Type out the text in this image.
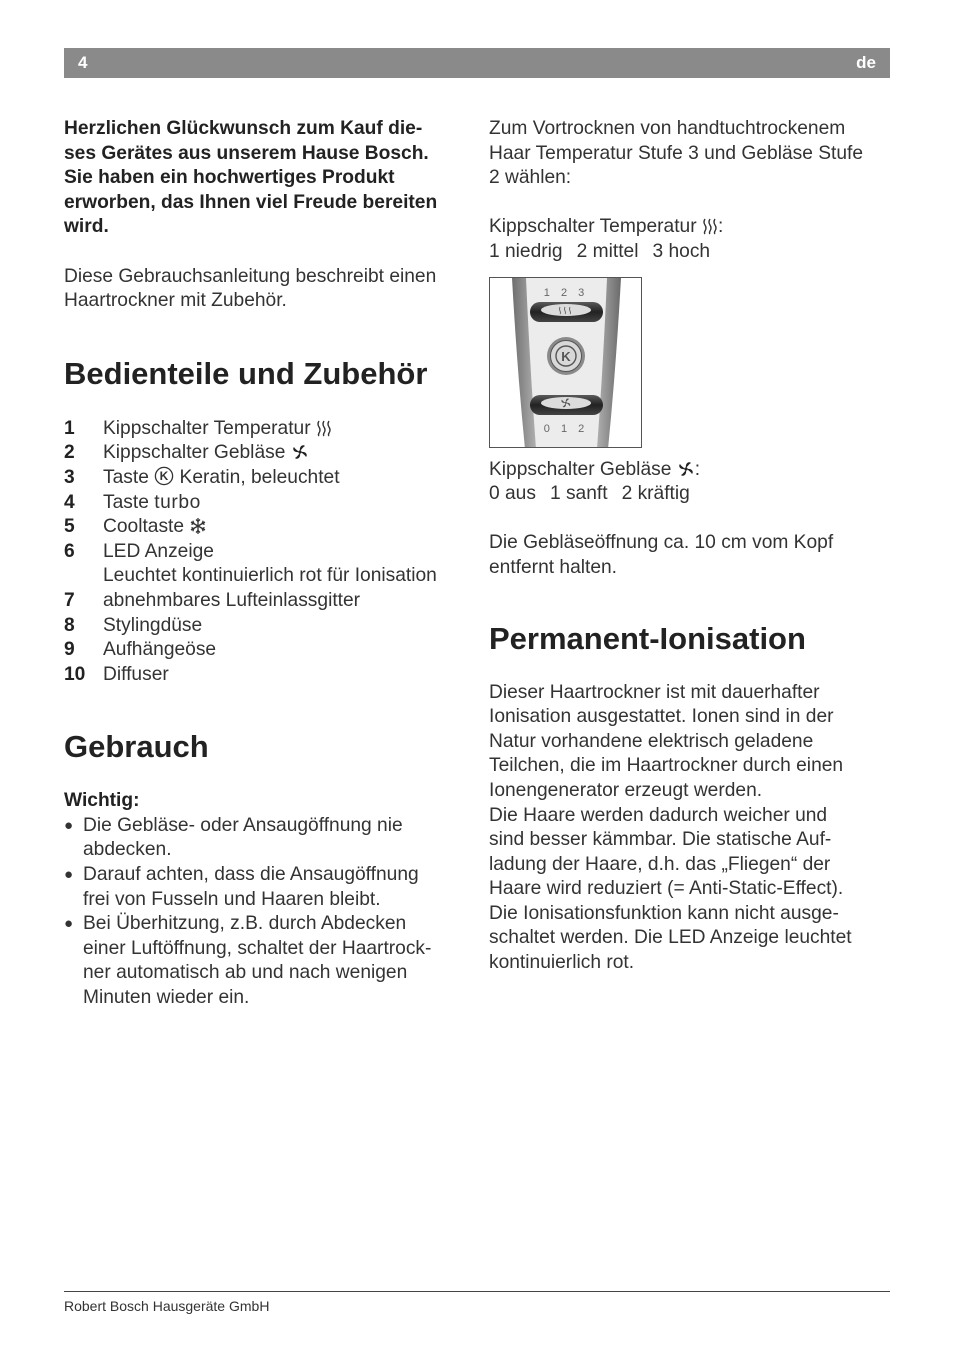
4	de

Herzlichen Glückwunsch zum Kauf die-
ses Gerätes aus unserem Hause Bosch.
Sie haben ein hochwertiges Produkt
erworben, das Ihnen viel Freude bereiten
wird.

Diese Gebrauchsanleitung beschreibt einen
Haartrockner mit Zubehör.

Bedienteile und Zubehör
1	Kippschalter Temperatur
2	Kippschalter Gebläse
3	Taste K Keratin, beleuchtet
4	Taste turbo
5	Cooltaste
6	LED Anzeige
Leuchtet kontinuierlich rot für Ionisation
7	abnehmbares Lufteinlassgitter
8	Stylingdüse
9	Aufhängeöse
10 Diffuser
Gebrauch

Wichtig:

● Die Gebläse- oder Ansaugöffnung nie
abdecken.
● Darauf achten, dass die Ansaugöffnung
frei von Fusseln und Haaren bleibt.
● Bei Überhitzung, z.B. durch Abdecken
einer Luftöffnung, schaltet der Haartrock-
ner automatisch ab und nach wenigen
Minuten wieder ein.

Zum Vortrocknen von handtuchtrockenem
Haar Temperatur Stufe 3 und Gebläse Stufe
2 wählen:

Kippschalter Temperatur :

1 niedrig 2 mittel 3 hoch

1 2 3
K
0 1 2

Kippschalter Gebläse :

0 aus 1 sanft 2 kräftig

Die Gebläseöffnung ca. 10 cm vom Kopf
entfernt halten.

Permanent-Ionisation

Dieser Haartrockner ist mit dauerhafter
Ionisation ausgestattet. Ionen sind in der
Natur vorhandene elektrisch geladene
Teilchen, die im Haartrockner durch einen
Ionengenerator erzeugt werden.
Die Haare werden dadurch weicher und
sind besser kämmbar. Die statische Auf-
ladung der Haare, d.h. das „Fliegen“ der
Haare wird reduziert (= Anti-Static-Effect).
Die Ionisationsfunktion kann nicht ausge-
schaltet werden. Die LED Anzeige leuchtet
kontinuierlich rot.

Robert Bosch Hausgeräte GmbH
